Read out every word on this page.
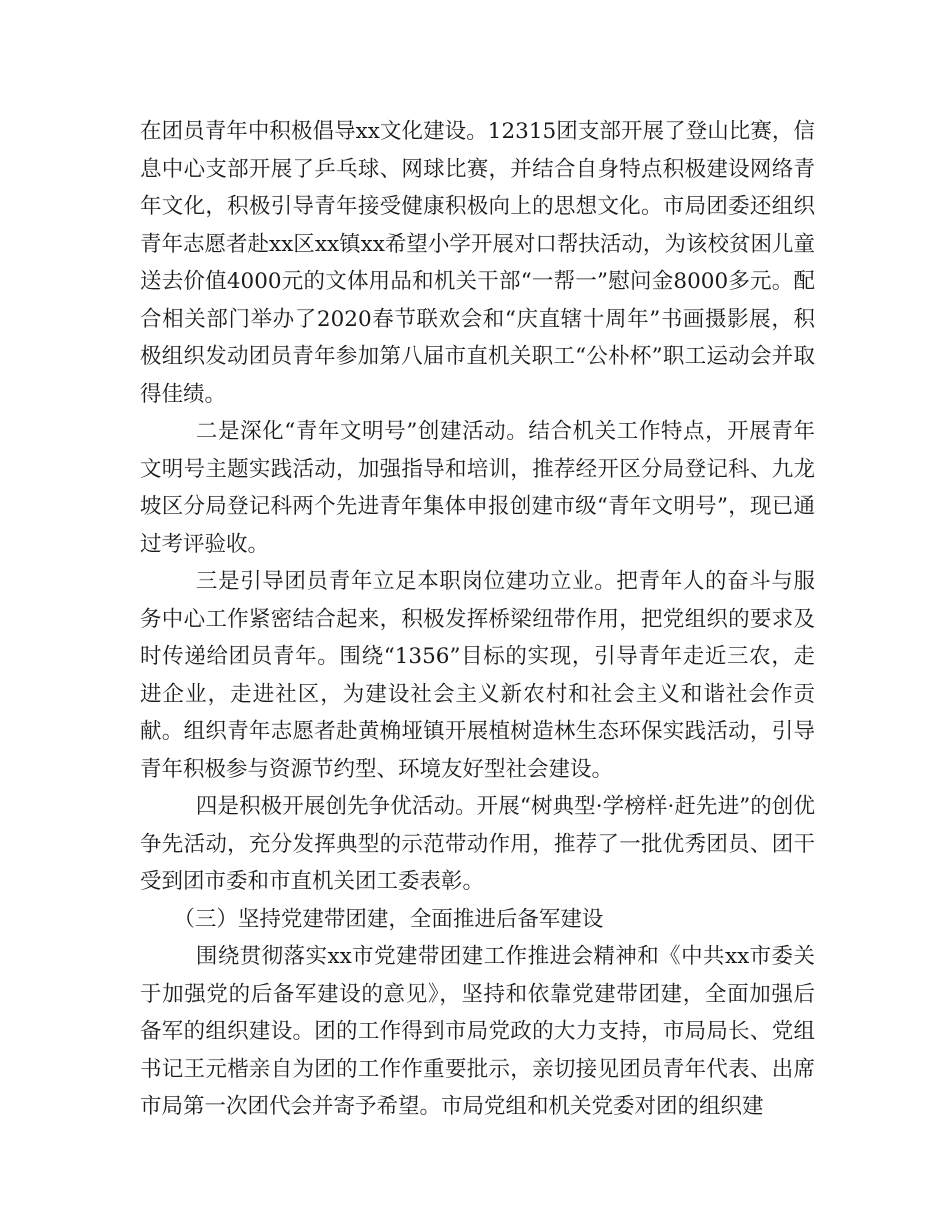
在团员青年中积极倡导xx文化建设。12315团支部开展了登山比赛，信息中心支部开展了乒乓球、网球比赛，并结合自身特点积极建设网络青年文化，积极引导青年接受健康积极向上的思想文化。市局团委还组织青年志愿者赴xx区xx镇xx希望小学开展对口帮扶活动，为该校贫困儿童送去价值4000元的文体用品和机关干部“一帮一”慰问金8000多元。配合相关部门举办了2020春节联欢会和“庆直辖十周年”书画摄影展，积极组织发动团员青年参加第八届市直机关职工“公朴杯”职工运动会并取得佳绩。

二是深化“青年文明号”创建活动。结合机关工作特点，开展青年文明号主题实践活动，加强指导和培训，推荐经开区分局登记科、九龙坡区分局登记科两个先进青年集体申报创建市级“青年文明号”，现已通过考评验收。

三是引导团员青年立足本职岗位建功立业。把青年人的奋斗与服务中心工作紧密结合起来，积极发挥桥梁纽带作用，把党组织的要求及时传递给团员青年。围绕“1356”目标的实现，引导青年走近三农，走进企业，走进社区，为建设社会主义新农村和社会主义和谐社会作贡献。组织青年志愿者赴黄桷垭镇开展植树造林生态环保实践活动，引导青年积极参与资源节约型、环境友好型社会建设。

四是积极开展创先争优活动。开展“树典型·学榜样·赶先进”的创优争先活动，充分发挥典型的示范带动作用，推荐了一批优秀团员、团干受到团市委和市直机关团工委表彰。

（三）坚持党建带团建，全面推进后备军建设

围绕贯彻落实xx市党建带团建工作推进会精神和《中共xx市委关于加强党的后备军建设的意见》，坚持和依靠党建带团建，全面加强后备军的组织建设。团的工作得到市局党政的大力支持，市局局长、党组书记王元楷亲自为团的工作作重要批示，亲切接见团员青年代表、出席市局第一次团代会并寄予希望。市局党组和机关党委对团的组织建
